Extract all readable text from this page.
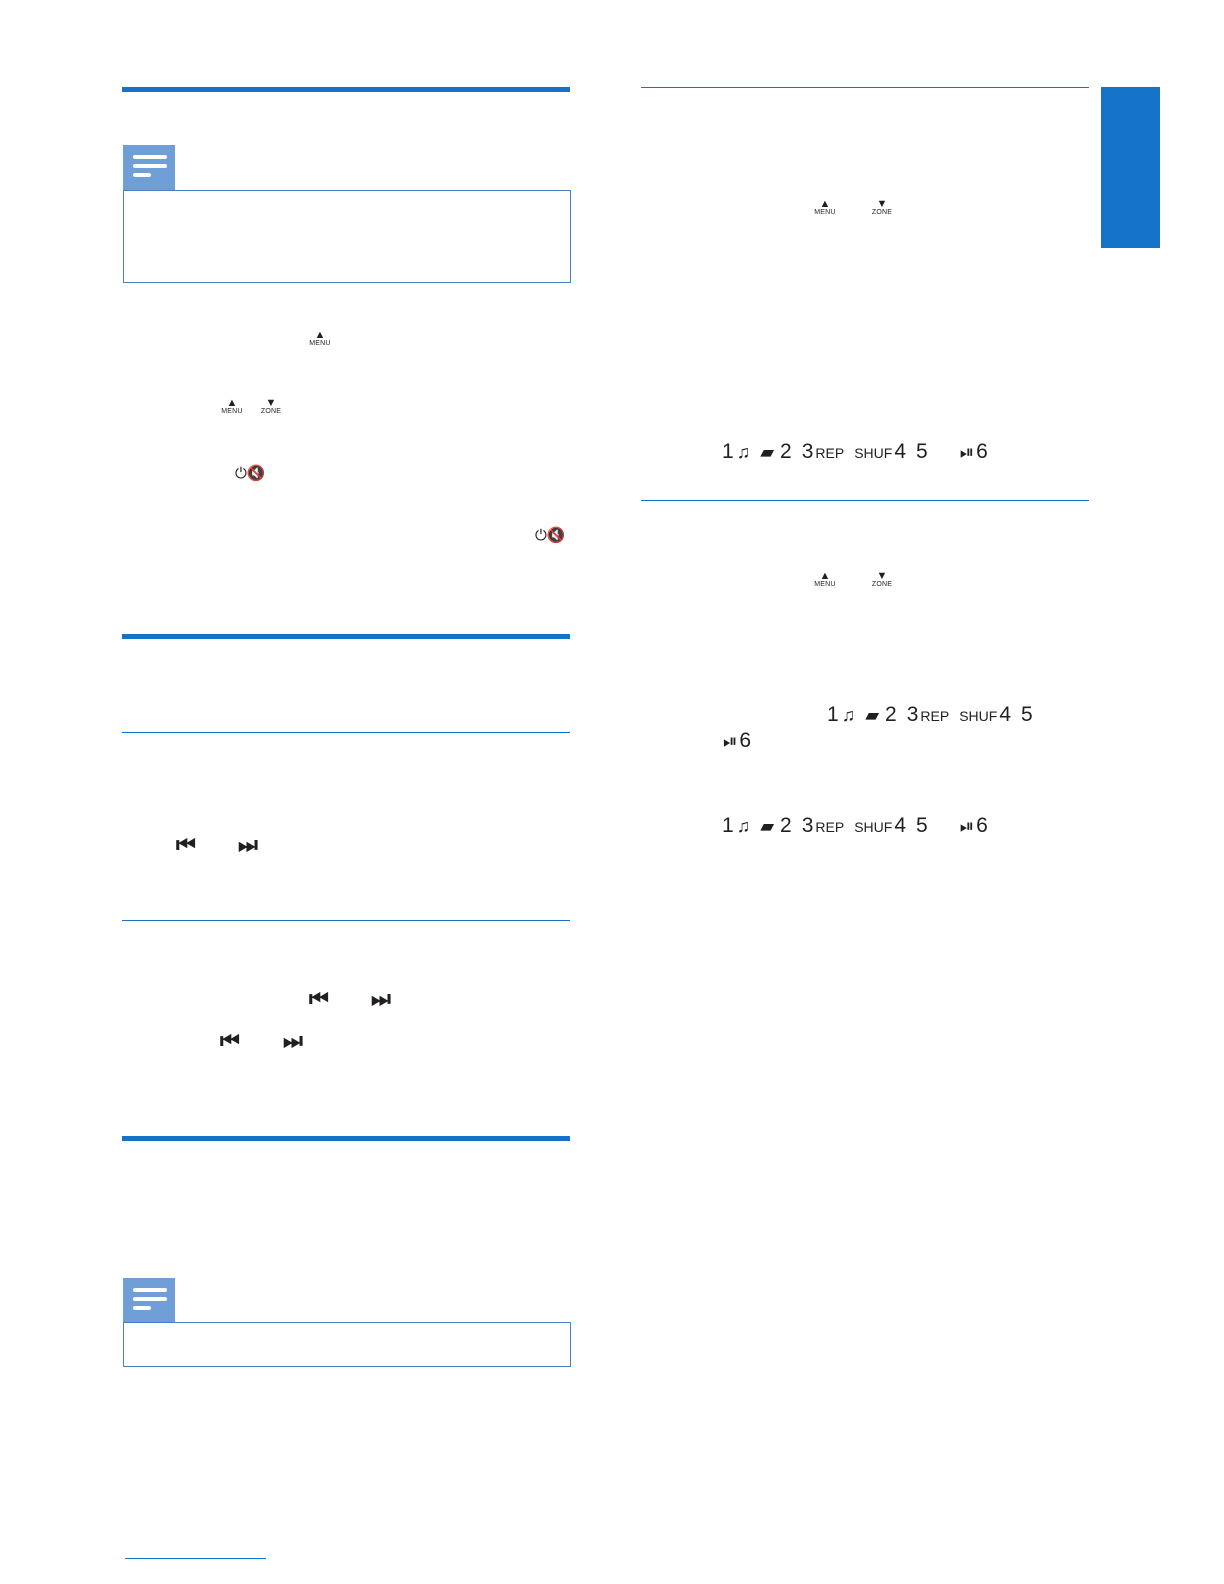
▲
MENU
▲
MENU
▼
ZONE
⏻🔇
⏻🔇
⏮ ⏭
⏮ ⏭
⏮ ⏭
▲
MENU
▼
ZONE
1 ♫ ▰ 2 3 REP SHUF 4 5 ⏯ 6
▲
MENU
▼
ZONE
1 ♫ ▰ 2 3 REP SHUF 4 5
⏯ 6
1 ♫ ▰ 2 3 REP SHUF 4 5 ⏯ 6
